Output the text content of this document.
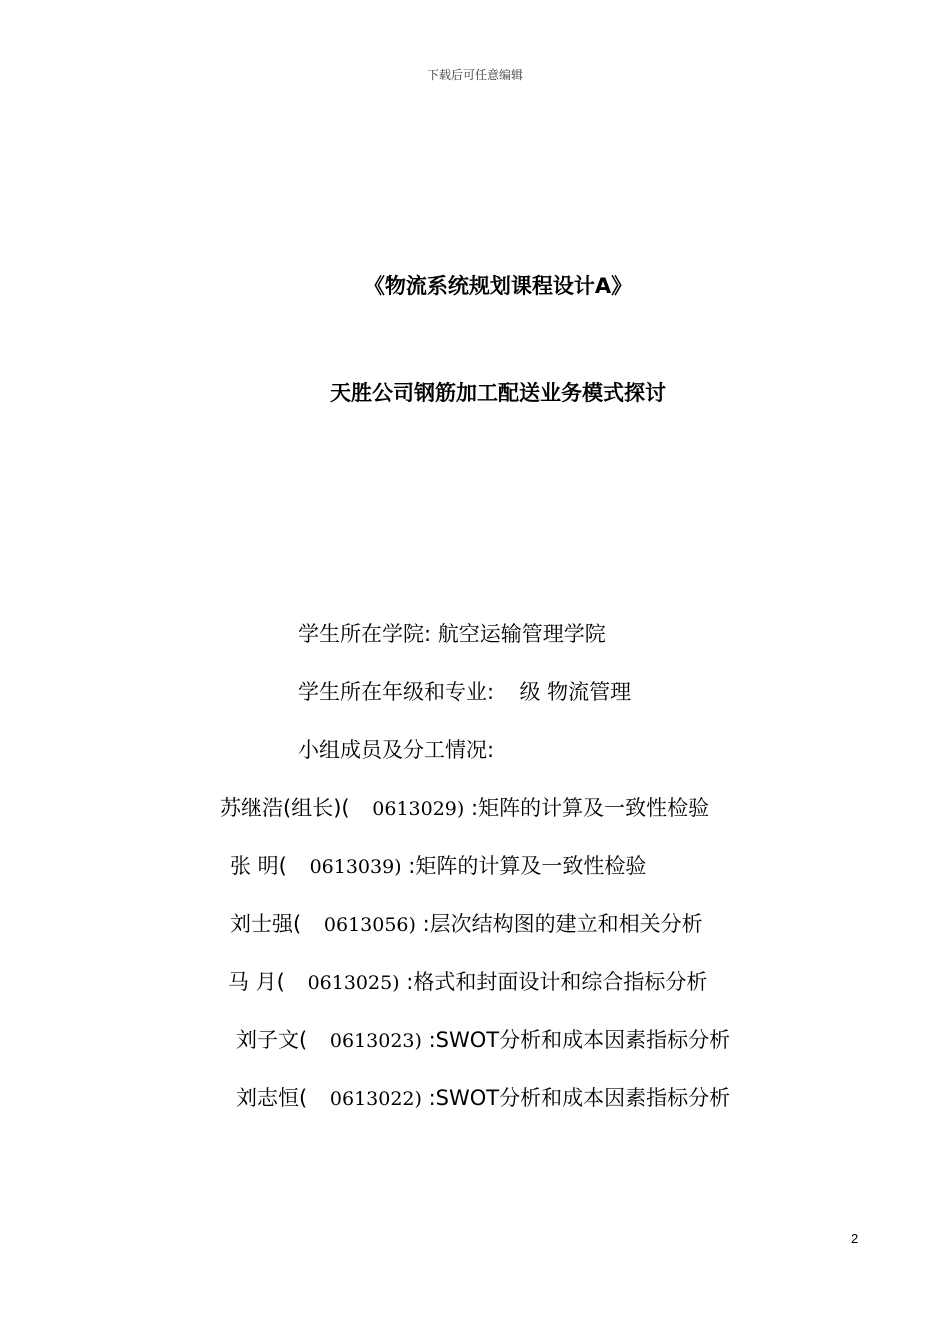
下载后可任意编辑
《物流系统规划课程设计A》
天胜公司钢筋加工配送业务模式探讨
学生所在学院: 航空运输管理学院
学生所在年级和专业: 级 物流管理
小组成员及分工情况:
苏继浩(组长)( 0613029) :矩阵的计算及一致性检验
张 明( 0613039) :矩阵的计算及一致性检验
刘士强( 0613056) :层次结构图的建立和相关分析
马 月( 0613025) :格式和封面设计和综合指标分析
刘子文( 0613023) :SWOT分析和成本因素指标分析
刘志恒( 0613022) :SWOT分析和成本因素指标分析
2
